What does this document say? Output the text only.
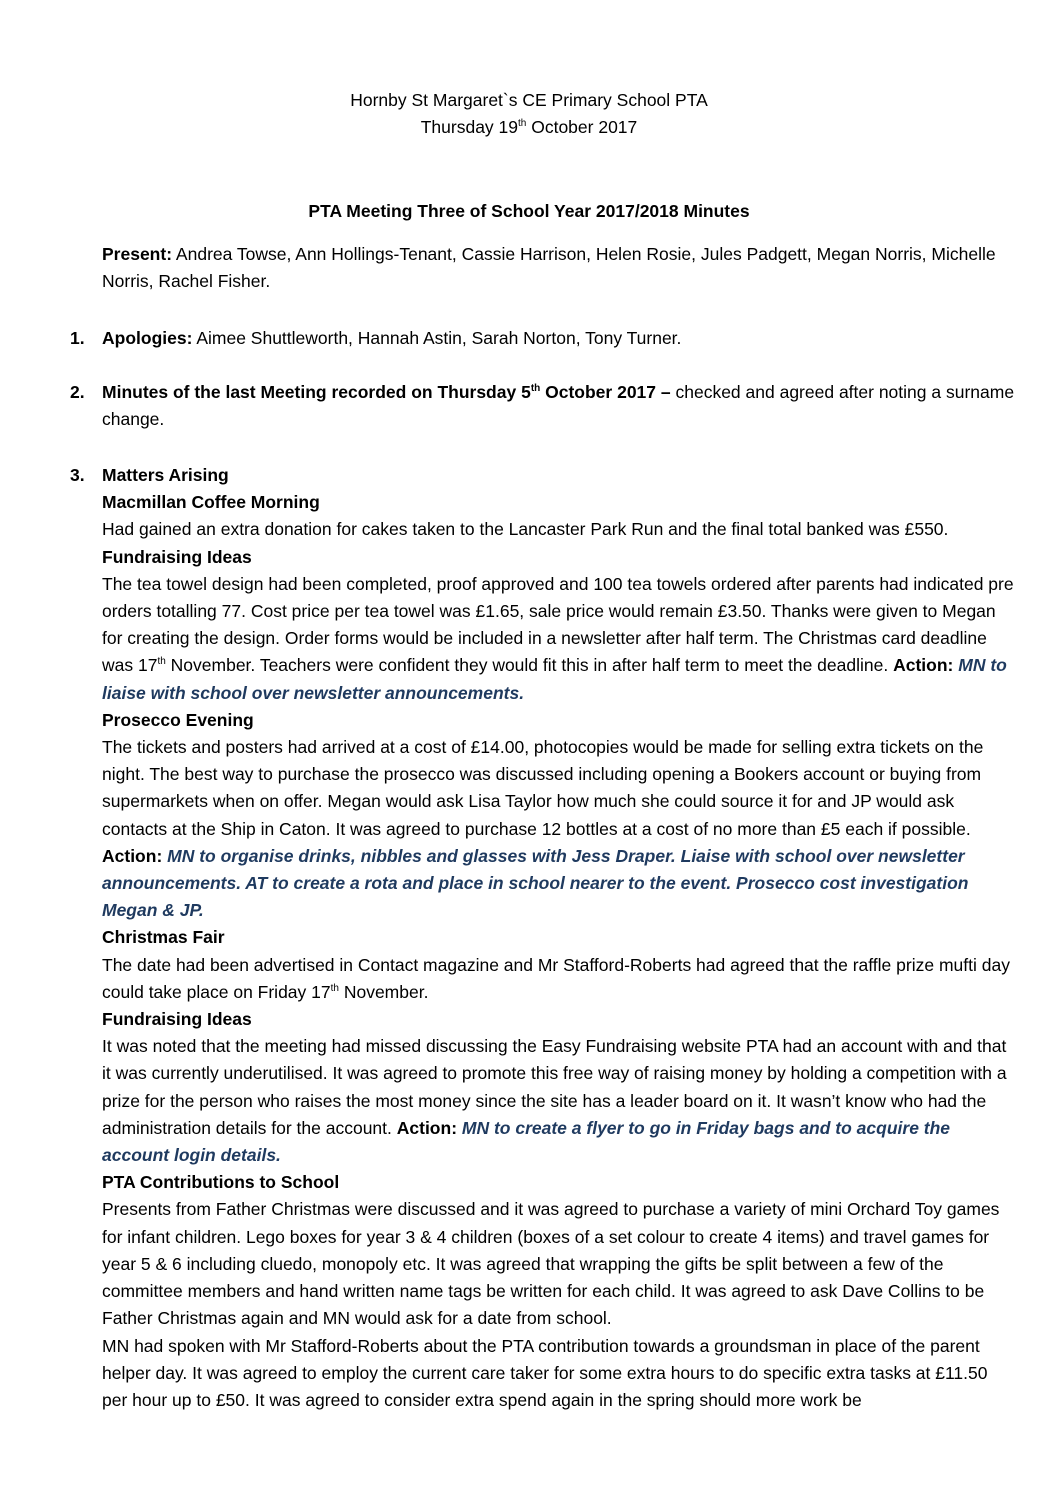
Hornby St Margaret`s CE Primary School PTA
Thursday 19th October 2017
PTA Meeting Three of School Year 2017/2018 Minutes

Present: Andrea Towse, Ann Hollings-Tenant, Cassie Harrison, Helen Rosie, Jules Padgett, Megan Norris, Michelle Norris, Rachel Fisher.

1. Apologies: Aimee Shuttleworth, Hannah Astin, Sarah Norton, Tony Turner.

2. Minutes of the last Meeting recorded on Thursday 5th October 2017 – checked and agreed after noting a surname change.

3. Matters Arising
Macmillan Coffee Morning

Had gained an extra donation for cakes taken to the Lancaster Park Run and the final total banked was £550.

Fundraising Ideas

The tea towel design had been completed, proof approved and 100 tea towels ordered after parents had indicated pre orders totalling 77. Cost price per tea towel was £1.65, sale price would remain £3.50. Thanks were given to Megan for creating the design. Order forms would be included in a newsletter after half term. The Christmas card deadline was 17th November. Teachers were confident they would fit this in after half term to meet the deadline. Action: MN to liaise with school over newsletter announcements.

Prosecco Evening

The tickets and posters had arrived at a cost of £14.00, photocopies would be made for selling extra tickets on the night. The best way to purchase the prosecco was discussed including opening a Bookers account or buying from supermarkets when on offer. Megan would ask Lisa Taylor how much she could source it for and JP would ask contacts at the Ship in Caton. It was agreed to purchase 12 bottles at a cost of no more than £5 each if possible.

Action: MN to organise drinks, nibbles and glasses with Jess Draper. Liaise with school over newsletter announcements. AT to create a rota and place in school nearer to the event. Prosecco cost investigation Megan & JP.

Christmas Fair

The date had been advertised in Contact magazine and Mr Stafford-Roberts had agreed that the raffle prize mufti day could take place on Friday 17th November.

Fundraising Ideas

It was noted that the meeting had missed discussing the Easy Fundraising website PTA had an account with and that it was currently underutilised. It was agreed to promote this free way of raising money by holding a competition with a prize for the person who raises the most money since the site has a leader board on it. It wasn’t know who had the administration details for the account. Action: MN to create a flyer to go in Friday bags and to acquire the account login details.

PTA Contributions to School

Presents from Father Christmas were discussed and it was agreed to purchase a variety of mini Orchard Toy games for infant children. Lego boxes for year 3 & 4 children (boxes of a set colour to create 4 items) and travel games for year 5 & 6 including cluedo, monopoly etc. It was agreed that wrapping the gifts be split between a few of the committee members and hand written name tags be written for each child. It was agreed to ask Dave Collins to be Father Christmas again and MN would ask for a date from school.

MN had spoken with Mr Stafford-Roberts about the PTA contribution towards a groundsman in place of the parent helper day. It was agreed to employ the current care taker for some extra hours to do specific extra tasks at £11.50 per hour up to £50. It was agreed to consider extra spend again in the spring should more work be
